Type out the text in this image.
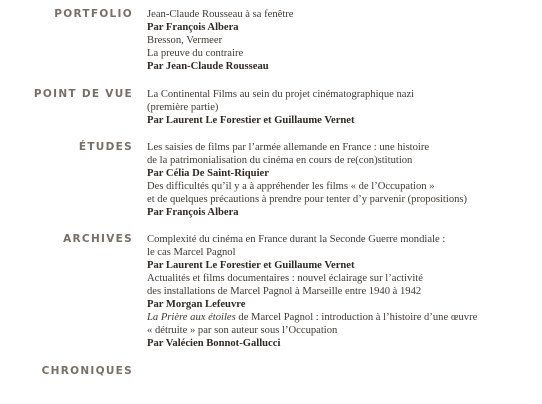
PORTFOLIO Jean-Claude Rousseau à sa fenêtre
Par François Albera
Bresson, Vermeer
La preuve du contraire
Par Jean-Claude Rousseau
POINT DE VUE La Continental Films au sein du projet cinématographique nazi
(première partie)
Par Laurent Le Forestier et Guillaume Vernet
ÉTUDES Les saisies de films par l’armée allemande en France : une histoire
de la patrimonialisation du cinéma en cours de re(con)stitution
Par Célia De Saint-Riquier
Des difficultés qu’il y a à appréhender les films « de l’Occupation »
et de quelques précautions à prendre pour tenter d’y parvenir (propositions)
Par François Albera
ARCHIVES Complexité du cinéma en France durant la Seconde Guerre mondiale :
le cas Marcel Pagnol
Par Laurent Le Forestier et Guillaume Vernet
Actualités et films documentaires : nouvel éclairage sur l’activité
des installations de Marcel Pagnol à Marseille entre 1940 à 1942
Par Morgan Lefeuvre
La Prière aux étoiles de Marcel Pagnol : introduction à l’histoire d’une œuvre
« détruite » par son auteur sous l’Occupation
Par Valécien Bonnot-Gallucci
CHRONIQUES
